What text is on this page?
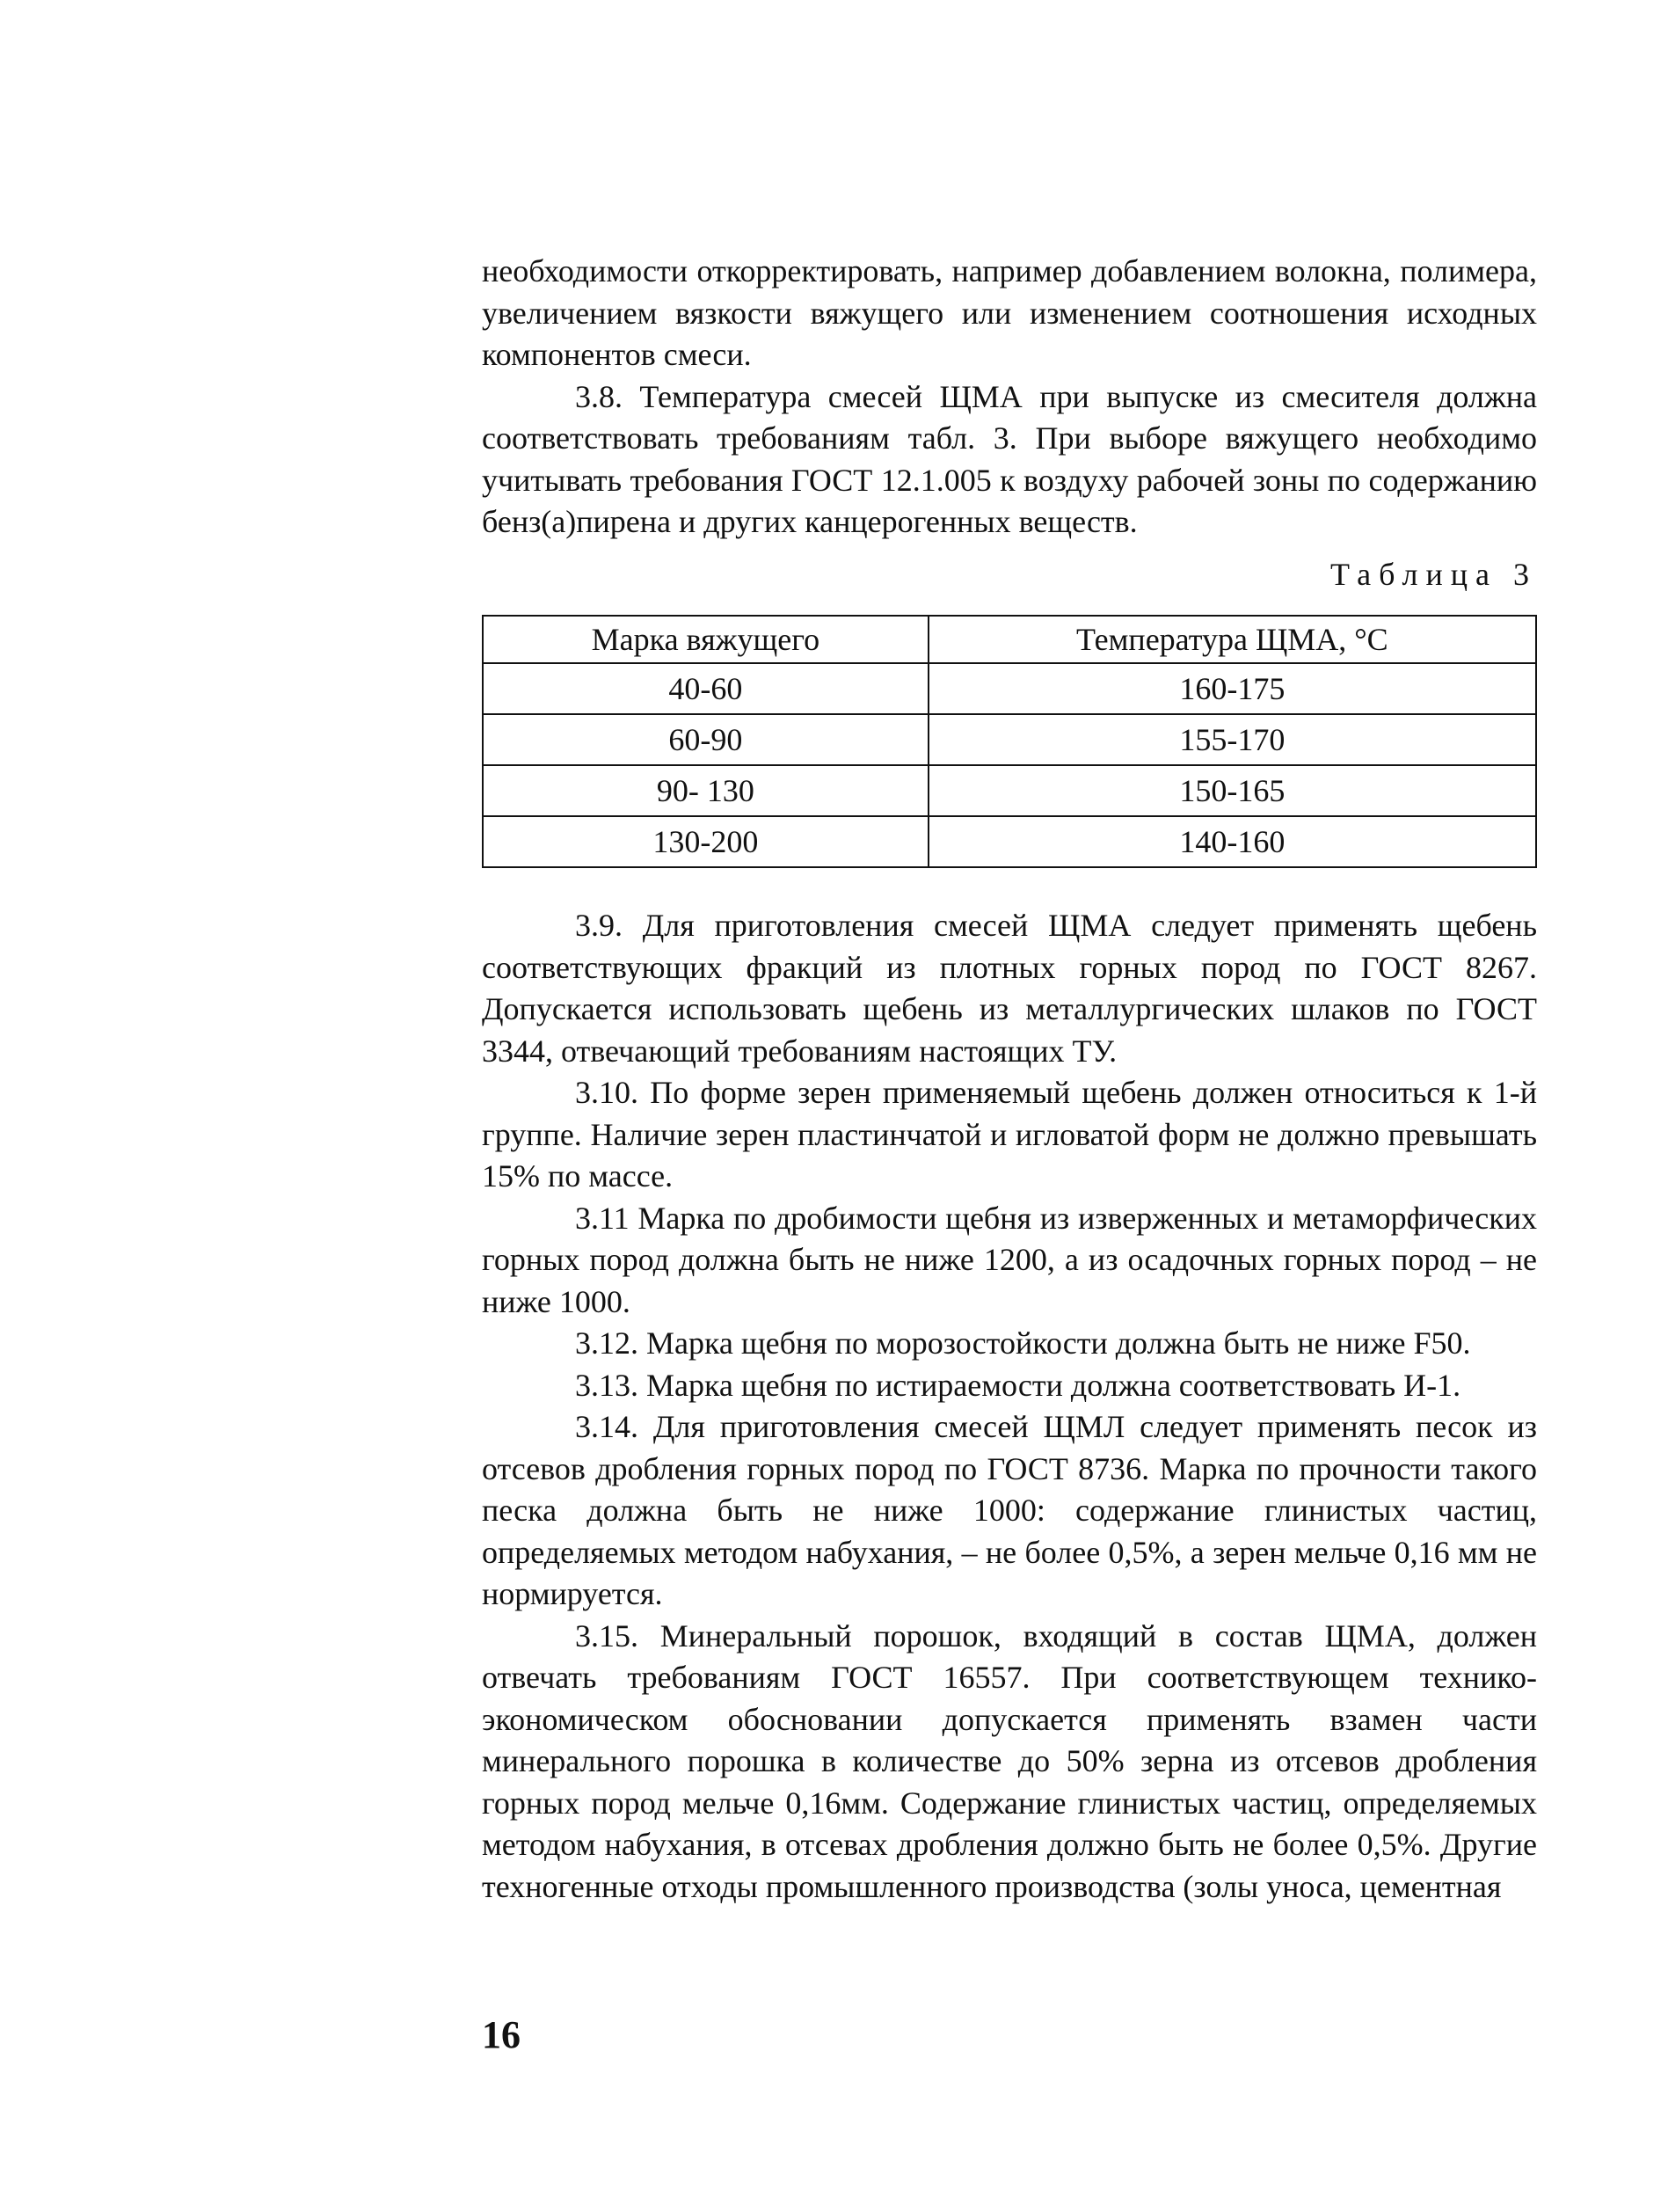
необходимости откорректировать, например добавлением волокна, полимера, увеличением вязкости вяжущего или изменением соотношения исходных компонентов смеси.

3.8. Температура смесей ЩМА при выпуске из смесителя должна соответствовать требованиям табл. 3. При выборе вяжущего необходимо учитывать требования ГОСТ 12.1.005 к воздуху рабочей зоны по содержанию бенз(а)пирена и других канцерогенных веществ.

Таблица 3
Марка вяжущего	Температура ЩМА, °С
40-60	160-175
60-90	155-170
90- 130	150-165
130-200	140-160

3.9. Для приготовления смесей ЩМА следует применять щебень соответствующих фракций из плотных горных пород по ГОСТ 8267. Допускается использовать щебень из металлургических шлаков по ГОСТ 3344, отвечающий требованиям настоящих ТУ.

3.10. По форме зерен применяемый щебень должен относиться к 1-й группе. Наличие зерен пластинчатой и игловатой форм не должно превышать 15% по массе.

3.11 Марка по дробимости щебня из изверженных и метаморфических горных пород должна быть не ниже 1200, а из осадочных горных пород – не ниже 1000.

3.12. Марка щебня по морозостойкости должна быть не ниже F50.

3.13. Марка щебня по истираемости должна соответствовать И-1.

3.14. Для приготовления смесей ЩМЛ следует применять песок из отсевов дробления горных пород по ГОСТ 8736. Марка по прочности такого песка должна быть не ниже 1000: содержание глинистых частиц, определяемых методом набухания, – не более 0,5%, а зерен мельче 0,16 мм не нормируется.

3.15. Минеральный порошок, входящий в состав ЩМА, должен отвечать требованиям ГОСТ 16557. При соответствующем технико-экономическом обосновании допускается применять взамен части минерального порошка в количестве до 50% зерна из отсевов дробления горных пород мельче 0,16мм. Содержание глинистых частиц, определяемых методом набухания, в отсевах дробления должно быть не более 0,5%. Другие техногенные отходы промышленного производства (золы уноса, цементная

16
